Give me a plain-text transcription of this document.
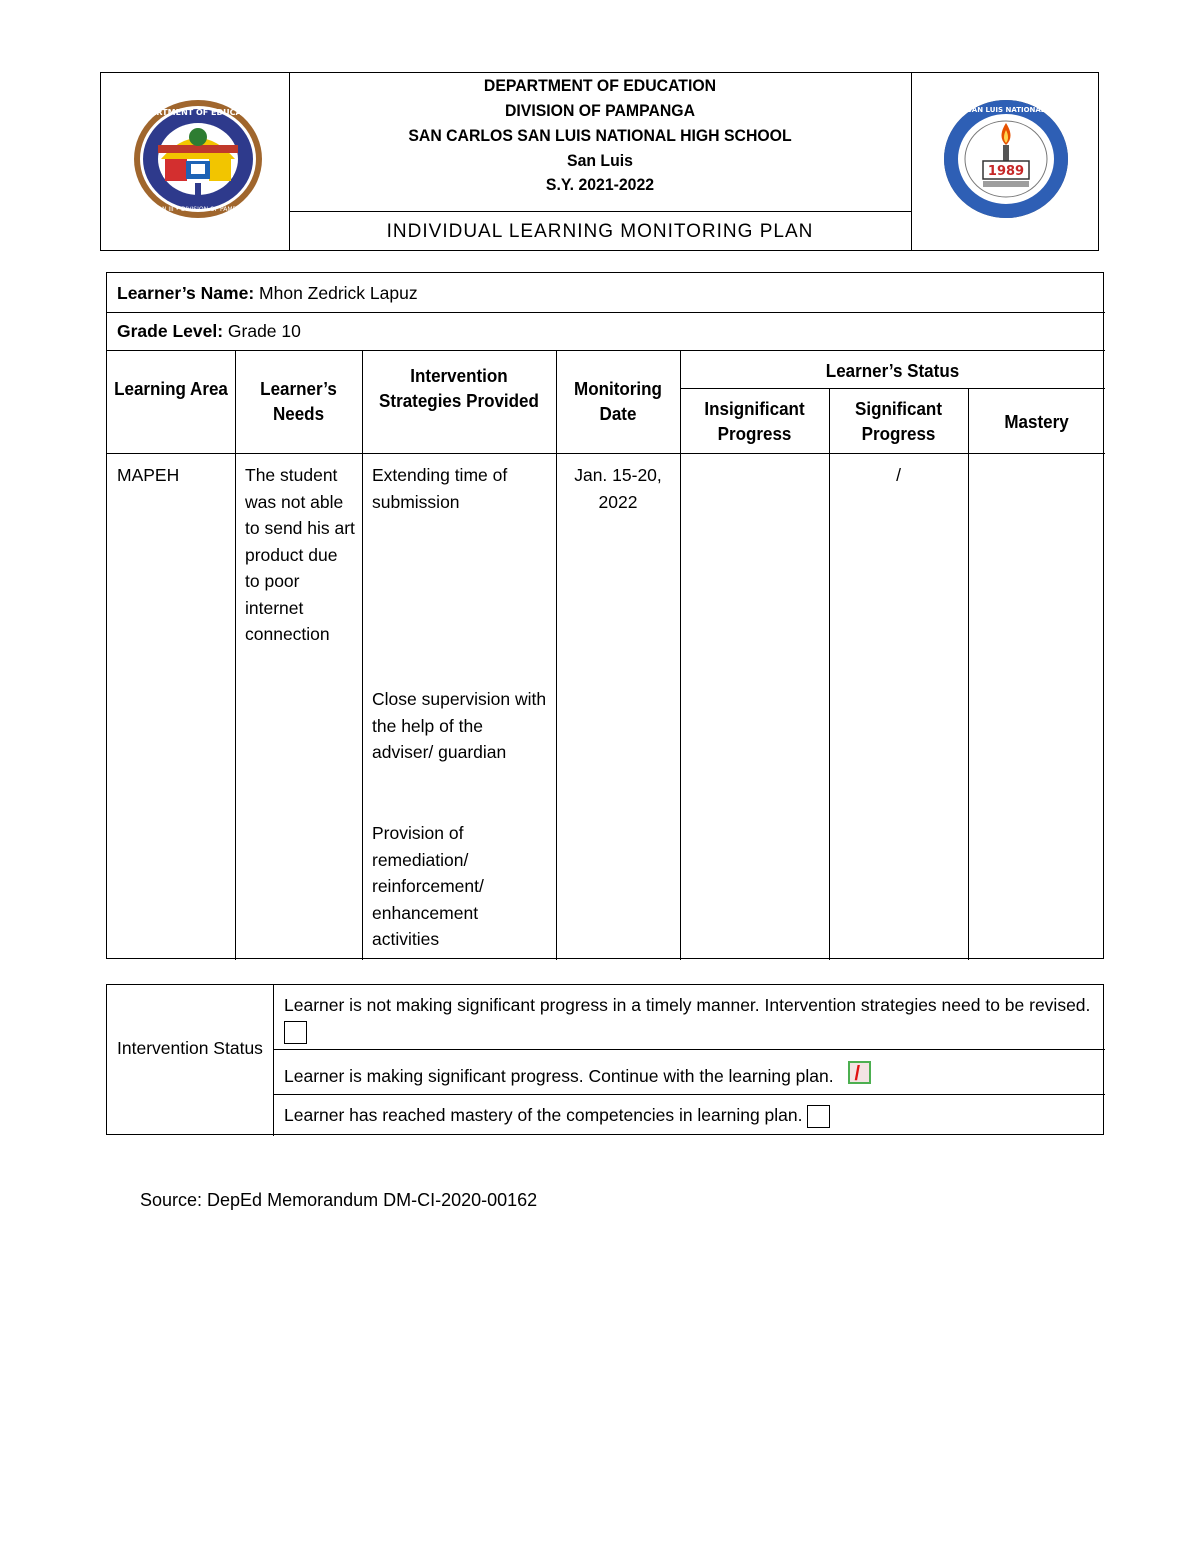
DEPARTMENT OF EDUCATION
REGION III • DIVISION OF PAMPANGA
DEPARTMENT OF EDUCATION
DIVISION OF PAMPANGA
SAN CARLOS SAN LUIS NATIONAL HIGH SCHOOL
San Luis
S.Y. 2021-2022
INDIVIDUAL LEARNING MONITORING PLAN
1989
SAN LUIS NATIONAL
Learner’s Name: Mhon Zedrick Lapuz
Grade Level: Grade 10
Learning Area	Learner’s Needs
Intervention Strategies Provided
Monitoring Date
Learner’s Status
Insignificant Progress
Significant Progress
Mastery
MAPEH	The student was not able to send his art product due to poor internet connection
Extending time of submission
Close supervision with the help of the adviser/ guardian
Provision of remediation/ reinforcement/ enhancement activities
Jan. 15-20, 2022
/
Intervention Status
Learner is not making significant progress in a timely manner. Intervention strategies need to be revised.
Learner is making significant progress. Continue with the learning plan. /
Learner has reached mastery of the competencies in learning plan.
Source: DepEd Memorandum DM-CI-2020-00162
